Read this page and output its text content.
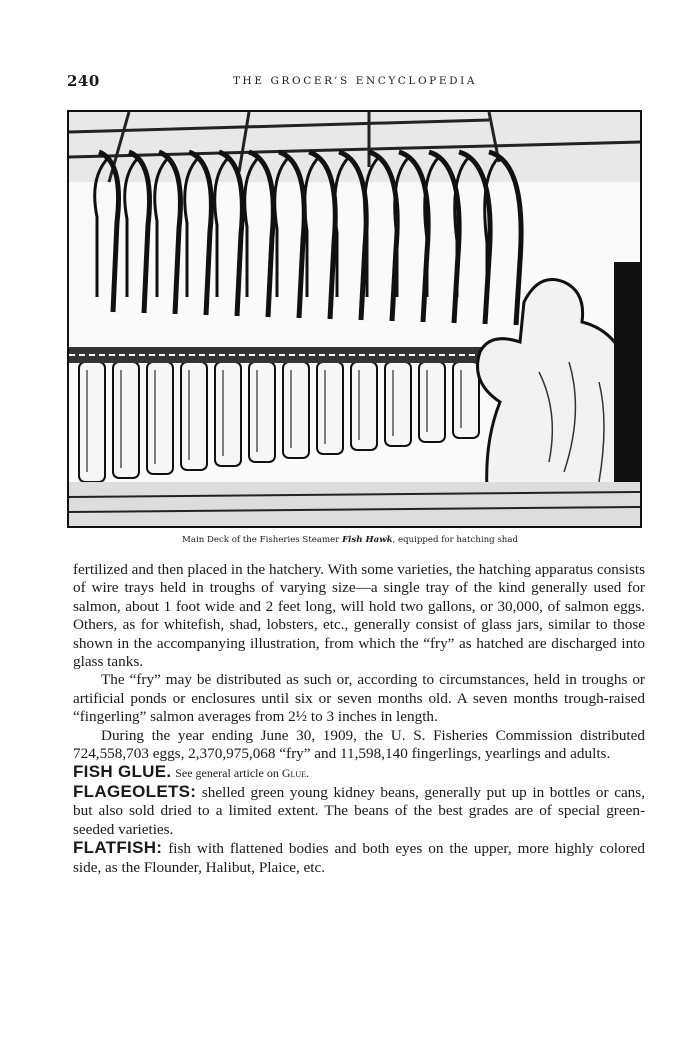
240	THE GROCER’S ENCYCLOPEDIA
Main Deck of the Fisheries Steamer Fish Hawk, equipped for hatching shad

fertilized and then placed in the hatchery. With some varieties, the hatching apparatus consists of wire trays held in troughs of varying size—a single tray of the kind generally used for salmon, about 1 foot wide and 2 feet long, will hold two gallons, or 30,000, of salmon eggs. Others, as for whitefish, shad, lobsters, etc., generally consist of glass jars, similar to those shown in the accompanying illustration, from which the “fry” as hatched are discharged into glass tanks.

The “fry” may be distributed as such or, according to circumstances, held in troughs or artificial ponds or enclosures until six or seven months old. A seven months trough-raised “fingerling” salmon averages from 2½ to 3 inches in length.

During the year ending June 30, 1909, the U. S. Fisheries Commission distributed 724,558,703 eggs, 2,370,975,068 “fry” and 11,598,140 fingerlings, yearlings and adults.

FISH GLUE. See general article on Glue.

FLAGEOLETS: shelled green young kidney beans, generally put up in bottles or cans, but also sold dried to a limited extent. The beans of the best grades are of special green-seeded varieties.

FLATFISH: fish with flattened bodies and both eyes on the upper, more highly colored side, as the Flounder, Halibut, Plaice, etc.
